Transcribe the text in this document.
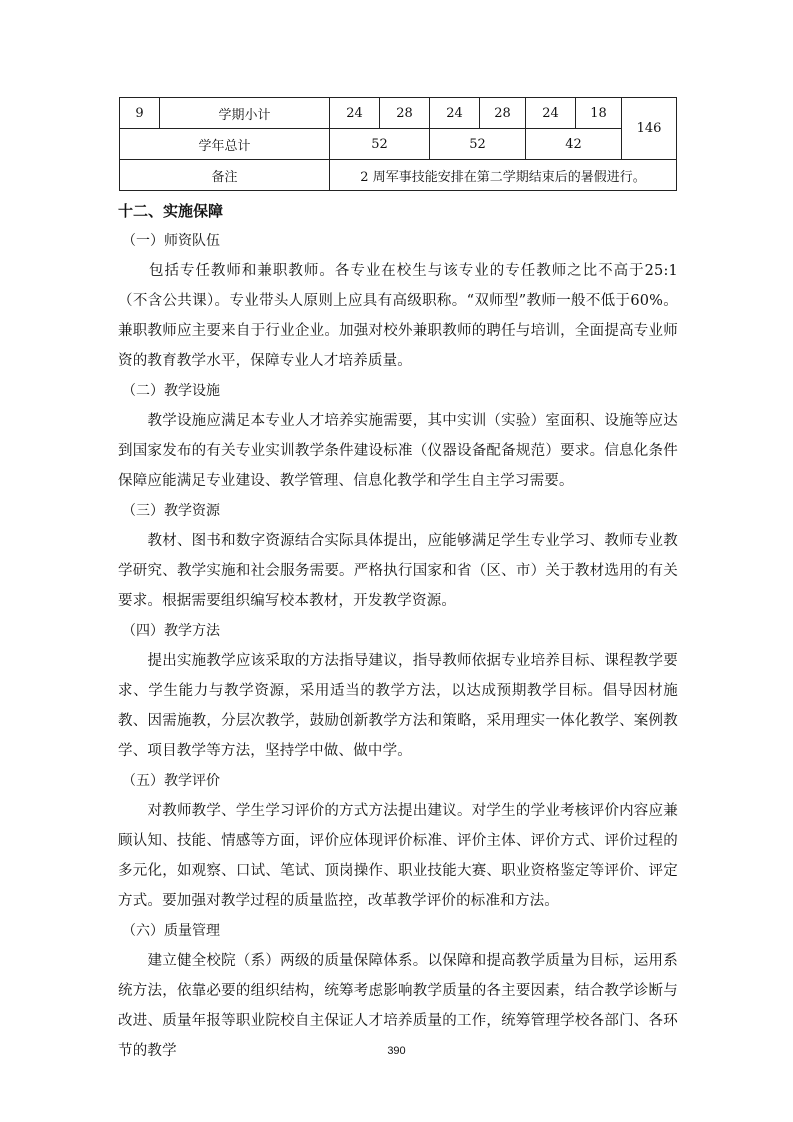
9	学期小计	24	28	24	28	24	18	146
学年总计		52		52		42		
备注		2 周军事技能安排在第二学期结束后的暑假进行。						

十二、实施保障

（一）师资队伍

　　包括专任教师和兼职教师。各专业在校生与该专业的专任教师之比不高于25:1（不含公共课）。专业带头人原则上应具有高级职称。“双师型”教师一般不低于60%。兼职教师应主要来自于行业企业。加强对校外兼职教师的聘任与培训，全面提高专业师资的教育教学水平，保障专业人才培养质量。

（二）教学设施

　　教学设施应满足本专业人才培养实施需要，其中实训（实验）室面积、设施等应达到国家发布的有关专业实训教学条件建设标准（仪器设备配备规范）要求。信息化条件保障应能满足专业建设、教学管理、信息化教学和学生自主学习需要。

（三）教学资源

　　教材、图书和数字资源结合实际具体提出，应能够满足学生专业学习、教师专业教学研究、教学实施和社会服务需要。严格执行国家和省（区、市）关于教材选用的有关要求。根据需要组织编写校本教材，开发教学资源。

（四）教学方法

　　提出实施教学应该采取的方法指导建议，指导教师依据专业培养目标、课程教学要求、学生能力与教学资源，采用适当的教学方法，以达成预期教学目标。倡导因材施教、因需施教，分层次教学，鼓励创新教学方法和策略，采用理实一体化教学、案例教学、项目教学等方法，坚持学中做、做中学。

（五）教学评价

　　对教师教学、学生学习评价的方式方法提出建议。对学生的学业考核评价内容应兼顾认知、技能、情感等方面，评价应体现评价标准、评价主体、评价方式、评价过程的多元化，如观察、口试、笔试、顶岗操作、职业技能大赛、职业资格鉴定等评价、评定方式。要加强对教学过程的质量监控，改革教学评价的标准和方法。

（六）质量管理

　　建立健全校院（系）两级的质量保障体系。以保障和提高教学质量为目标，运用系统方法，依靠必要的组织结构，统筹考虑影响教学质量的各主要因素，结合教学诊断与改进、质量年报等职业院校自主保证人才培养质量的工作，统筹管理学校各部门、各环节的教学	390
